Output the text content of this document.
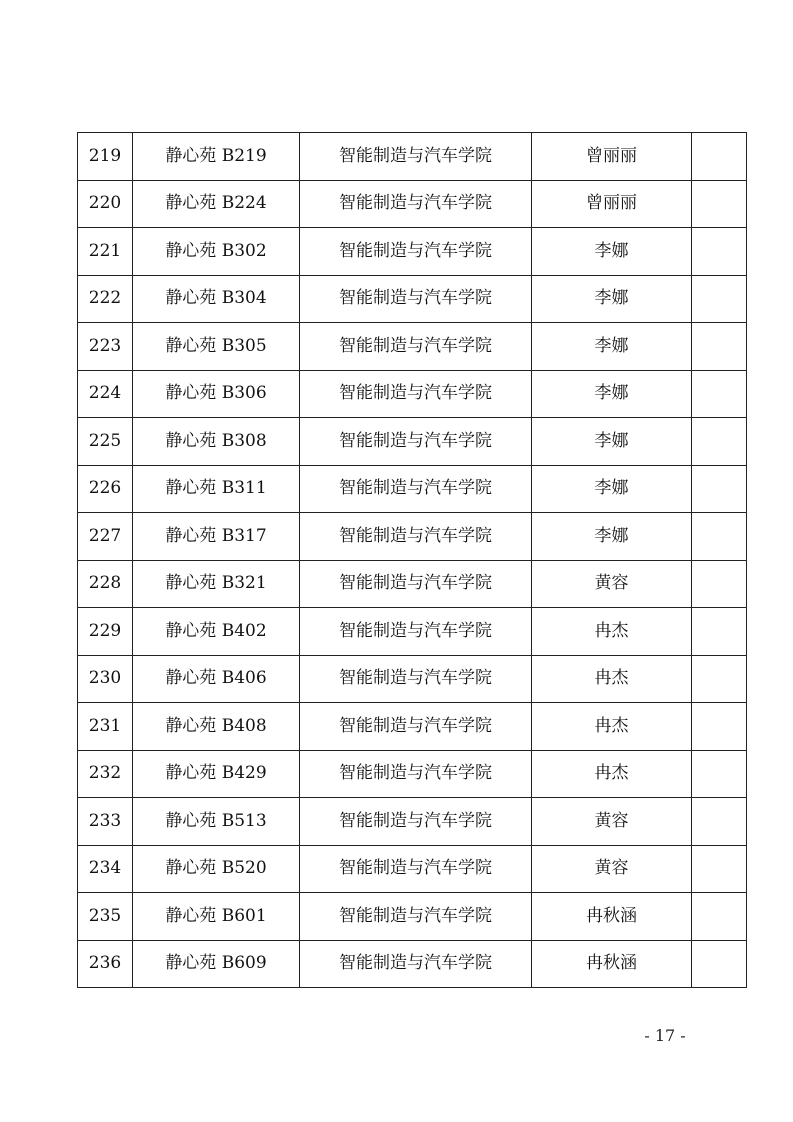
219	静心苑 B219	智能制造与汽车学院	曾丽丽	
220	静心苑 B224	智能制造与汽车学院	曾丽丽	
221	静心苑 B302	智能制造与汽车学院	李娜	
222	静心苑 B304	智能制造与汽车学院	李娜	
223	静心苑 B305	智能制造与汽车学院	李娜	
224	静心苑 B306	智能制造与汽车学院	李娜	
225	静心苑 B308	智能制造与汽车学院	李娜	
226	静心苑 B311	智能制造与汽车学院	李娜	
227	静心苑 B317	智能制造与汽车学院	李娜	
228	静心苑 B321	智能制造与汽车学院	黄容	
229	静心苑 B402	智能制造与汽车学院	冉杰	
230	静心苑 B406	智能制造与汽车学院	冉杰	
231	静心苑 B408	智能制造与汽车学院	冉杰	
232	静心苑 B429	智能制造与汽车学院	冉杰	
233	静心苑 B513	智能制造与汽车学院	黄容	
234	静心苑 B520	智能制造与汽车学院	黄容	
235	静心苑 B601	智能制造与汽车学院	冉秋涵	
236	静心苑 B609	智能制造与汽车学院	冉秋涵	
- 17 -
